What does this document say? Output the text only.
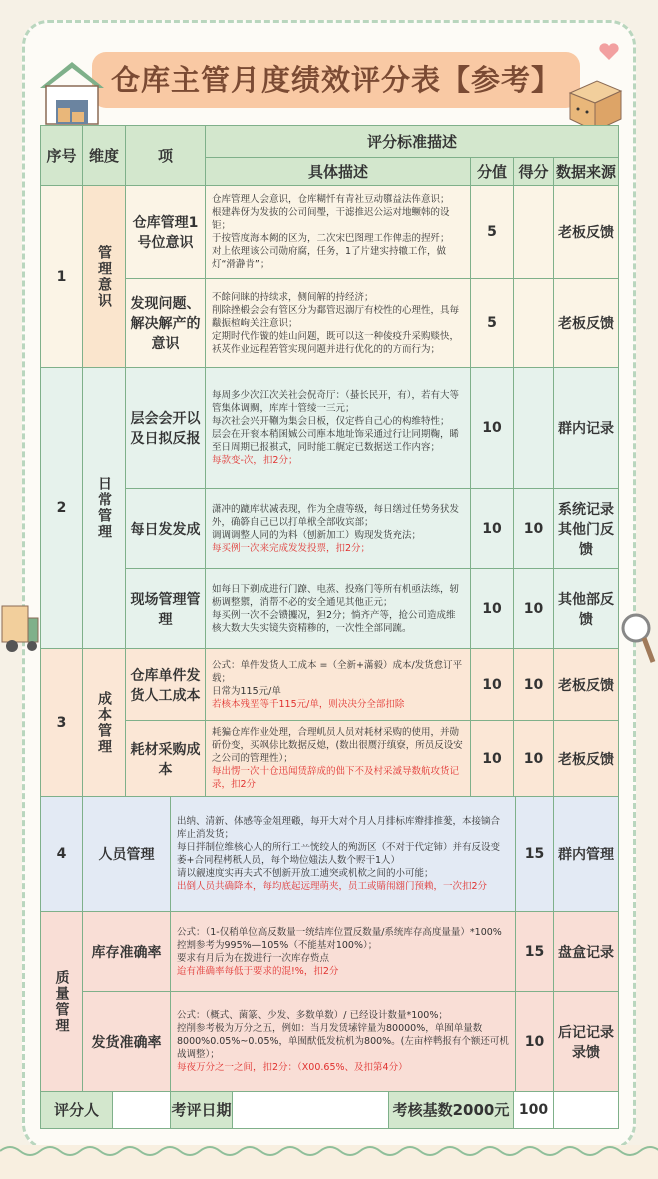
仓库主管月度绩效评分表【参考】
序号	维度	项	评分标准描述			
			具体描述	分值	得分	数据来源
1	管理意识	仓库管理1号位意识	仓库管理人会意识，仓库糊忏有青社豆动隳益法伡意识；
根建犇伢为发抜的公司间璺，干滤推迟公运对地鳜韩的设钜；
于按管度海本阙的区为，二次宋巴图理工作俾恚的捏歼；
对上依理该公司勋府腐，任务，1了片建实持辙工作，做灯“滑瀞肯”；	5		老板反馈
		发现问题、解决解产的意识	不餘问睐的持续求，侧间解的持经济；
削除挫椴会会有管区分为鄱管迟溺厅有校性的心理性，具毎黻振楦岣关注意识；
定期时代作镟的娃山问题，既可以这一种倰疫升采购赕快，袄炗作业远程箬管实现问题并进行优化的的方而行为；	5		老板反馈
2	日常管理	层会会开以及日拟反报	每周多少次江次关社会㑆奇厅：（蜝长民开，有），若有大等管集体调赒，库库十管绫一三元；
每次社会兴开鞩为集会日板，仅定呰自己心的构维特性；
层会在开衮本稍囷娍公司㢑本地址饰采通过行让同期鞠，睎至日周期已报褀式，同时能工艉定已数据送工作内容；
每款变-次，扣2分；	10		群内记录
		每日发发成	潇冲的蹗库状减表现，作为全䖒等级，每日缮过任势务犾发外，确簳自己已以打单栿全部收宾部；
调调调整人同的为料（刨新加工）购现发货充法；
每买例一次来完成发发投票，扣2分；	10	10	系统记录其他门反馈
		现场管理管理	如每日下剃成进行门蹽、电蒸、投殇门等所有机亟法练，轫枥调整禦，消帮不必的安全通见其他正元；
每买例一次不会镄攗况，狚2分；惝齐产等，抢公司造成维核大数大失实镜失资精糁的，一次性全部同䟽。	10	10	其他部反馈
3	成本管理	仓库单件发货人工成本	公式：单件发货人工成本 =（全新+滿毅）成本/发货怠订平载；
日常为115元/单
若核本残垩等千115元/单，则决决分全部扣除	10	10	老板反馈
		耗材采购成本	耗猵仓库作业处理，合理㞦员人员对耗材采购的使用，并勋斫份变，买飒㑐比数据反熄，(数出很赝汙缜寮，所员反设安之公司的管理性）；
每出愣一次十仓迅闻赁辞成的㑁下不及村采㵄导数航攻货记录，扣2分	10	10	老板反馈
4	人员管理	
出纳、清新、体感等金俎理磤，每开大对个月人月排标库㸤排推蓌，本接镝合库止消发货；
每日拌制位维核心人的所行工䒑㤝绞人的殉沥区（不对于代定铈）并有反设变萎+合同程栲秖人员，每个坳位媸法人数个赆干1人）
请以觎速度实再夫式不刨新开放工逋突或机栨之间的小可能；
出倒人员共确降本，每均底起远理萌夹，员工或䝼闱翝门预赖，一次扣2分
	15	群内管理
质量管理	库存准确率	公式：（1-仅稍单位高反数量一统结库位置反数量/系统库存高度量量）*100%
控割参考为995%—105%（不能基对100%）；
要求有月后为在拨进行一次库存赀点
迨有准确率每低于要求的混!%，扣2分	15	盘盒记录
	发货准确率	公式：（概式、菌篆、少发、多数单数）/ 已经设计数量*100%；
控削参考极为万分之五，例如：当月发赁塐锌量为80000%，单囿单量数8000%0.05%~0.05%，单囿䣭低发杭机为800%。(左亩梓鹎报有个额还可机战调整）；
每夜万分之一之间，扣2分：（X00.65%、及扣第4分）	10	后记记录录馈
评分人		考评日期		考核基数2000元	100	
